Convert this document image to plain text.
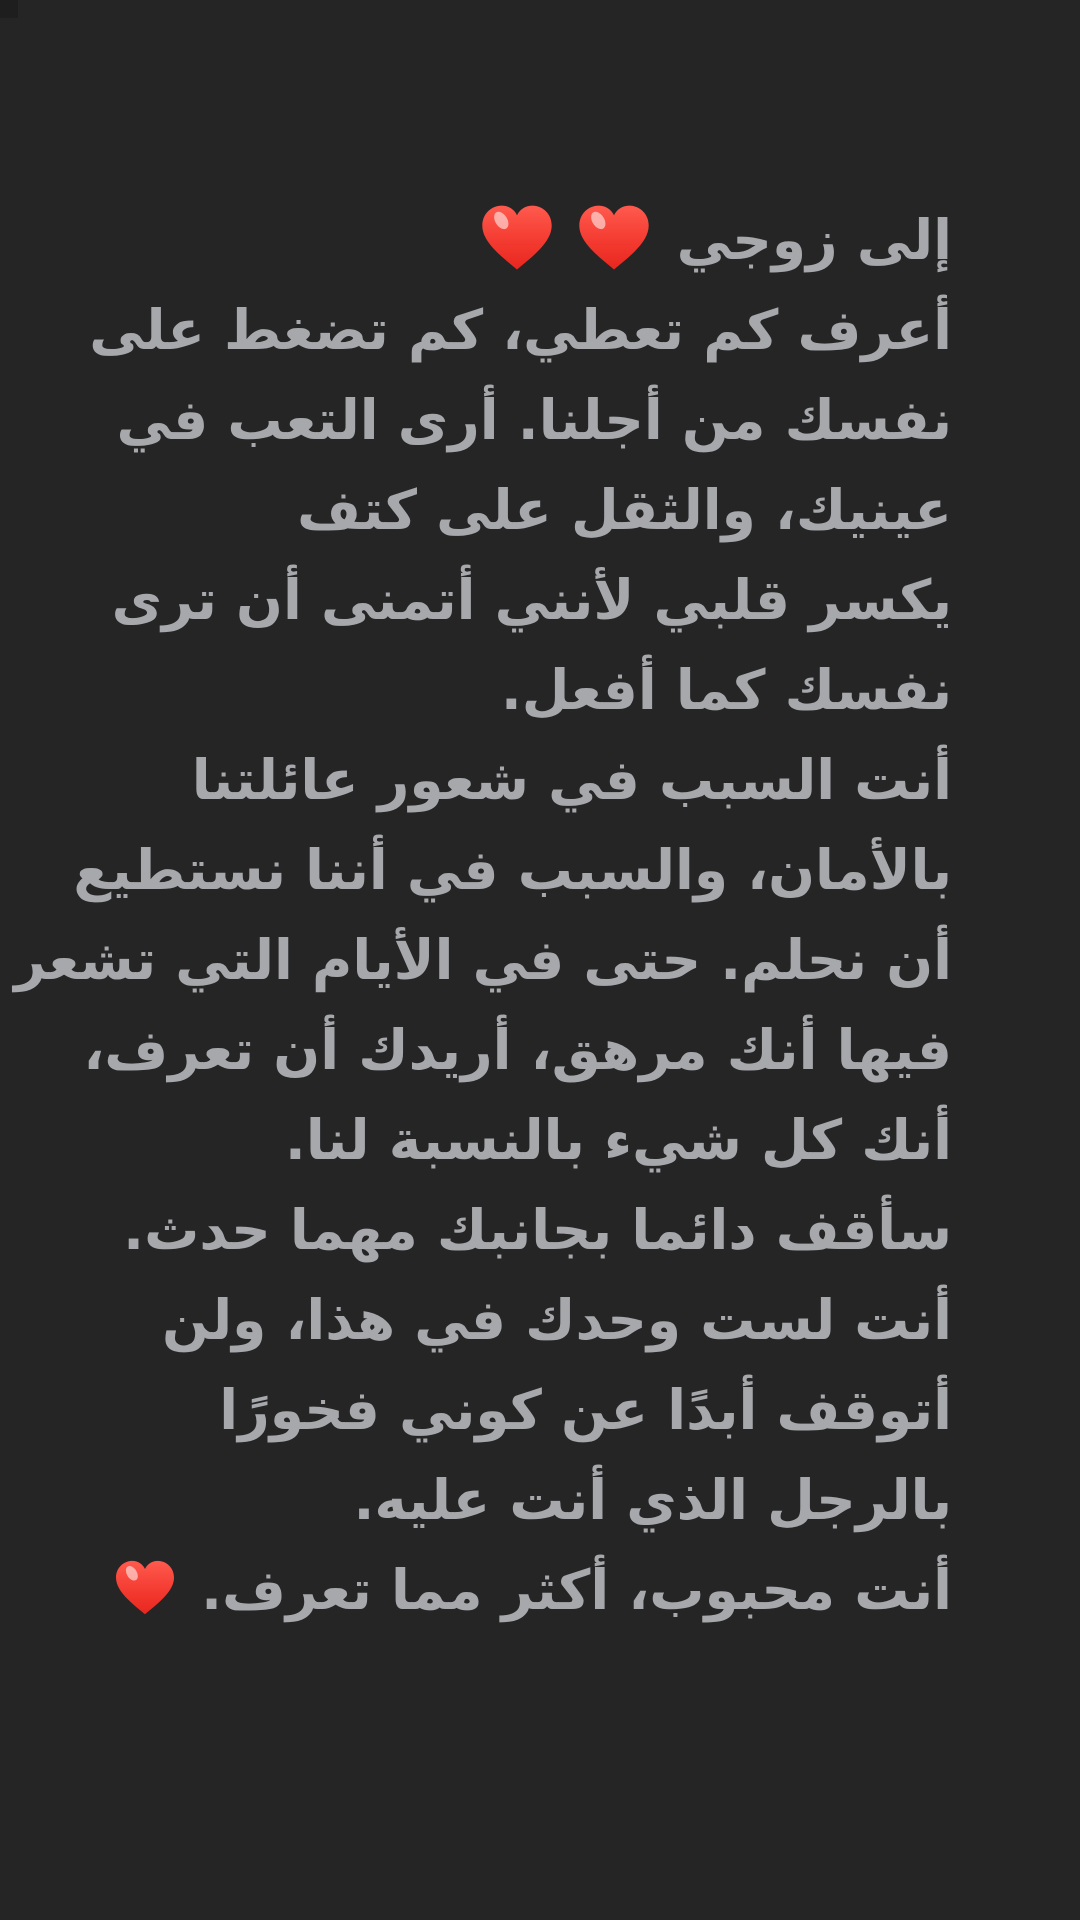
إلى زوجي

أعرف كم تعطي، كم تضغط على
نفسك من أجلنا. أرى التعب في
عينيك، والثقل على كتف
يكسر قلبي لأنني أتمنى أن ترى
نفسك كما أفعل.
أنت السبب في شعور عائلتنا
بالأمان، والسبب في أننا نستطيع
أن نحلم. حتى في الأيام التي تشعر
فيها أنك مرهق، أريدك أن تعرف،
أنك كل شيء بالنسبة لنا.
سأقف دائما بجانبك مهما حدث.
أنت لست وحدك في هذا، ولن
أتوقف أبدًا عن كوني فخورًا
بالرجل الذي أنت عليه.
أنت محبوب، أكثر مما تعرف.
